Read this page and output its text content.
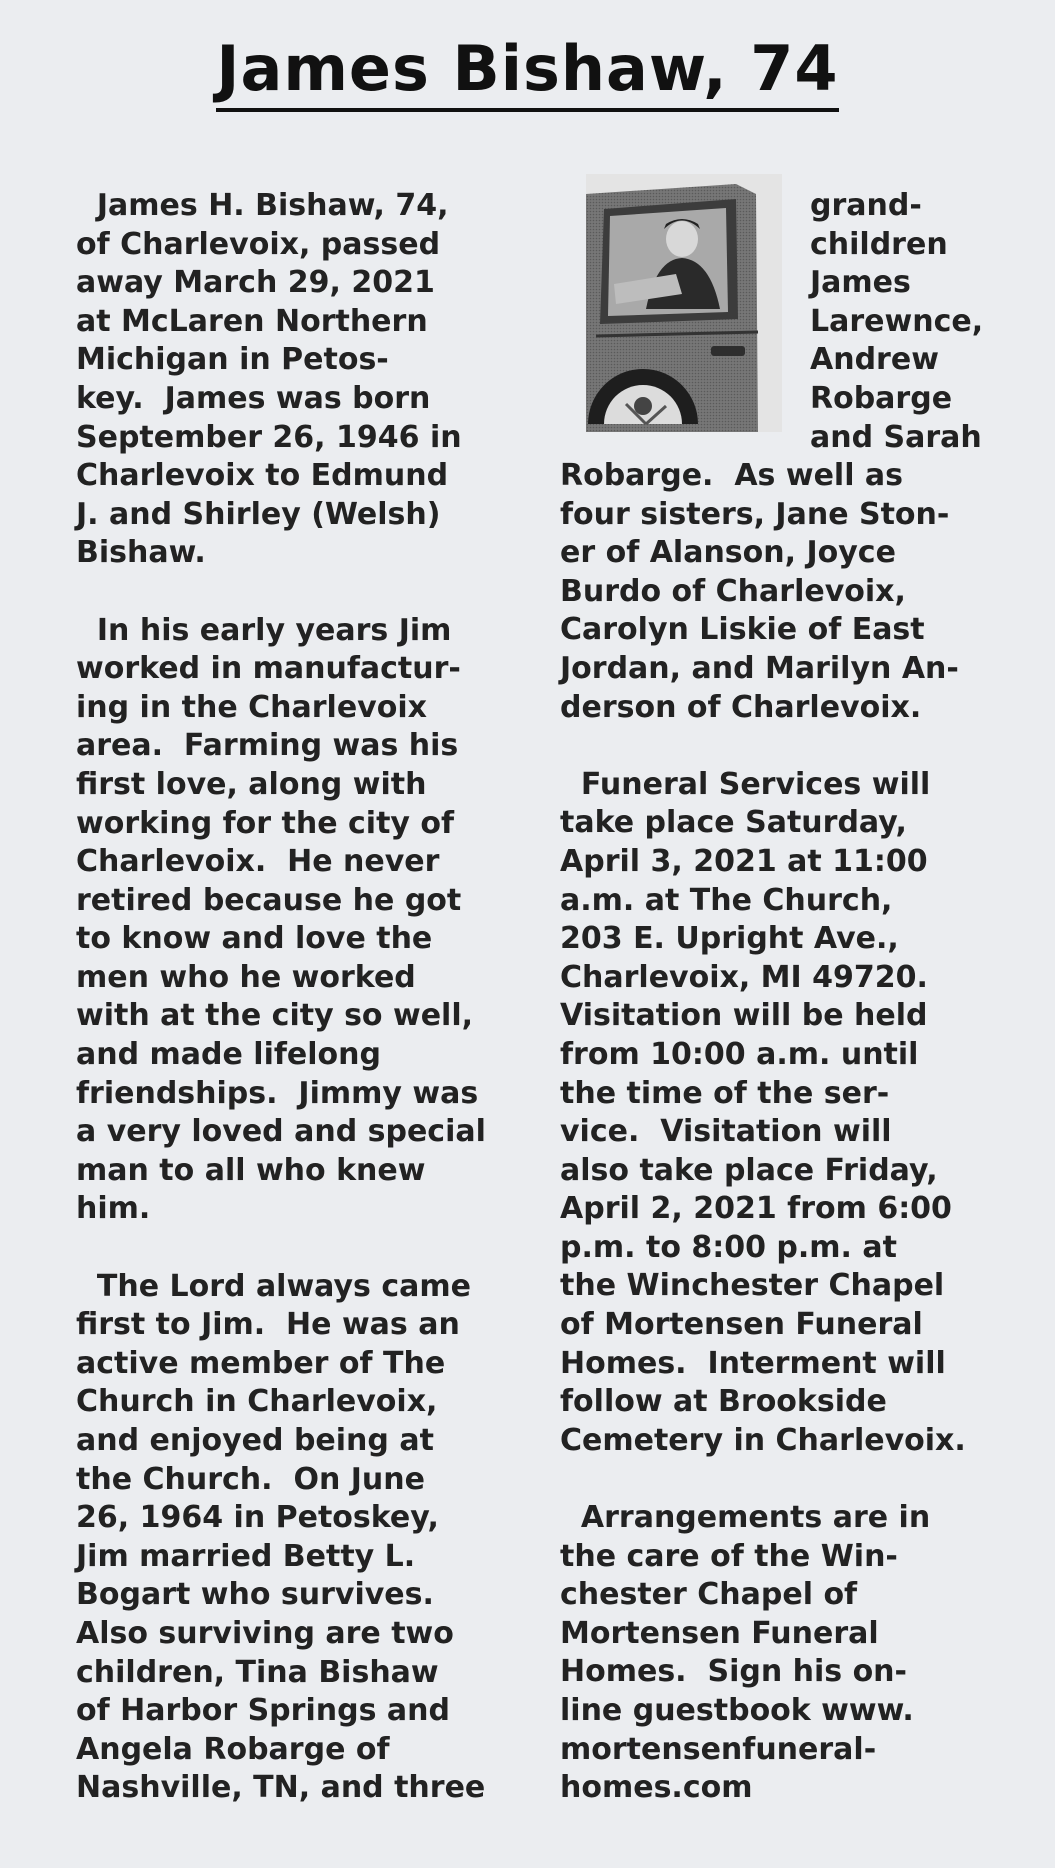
James Bishaw, 74
James H. Bishaw, 74,
of Charlevoix, passed
away March 29, 2021
at McLaren Northern
Michigan in Petos-
key.  James was born
September 26, 1946 in
Charlevoix to Edmund
J. and Shirley (Welsh)
Bishaw.

In his early years Jim
worked in manufactur-
ing in the Charlevoix
area.  Farming was his
first love, along with
working for the city of
Charlevoix.  He never
retired because he got
to know and love the
men who he worked
with at the city so well,
and made lifelong
friendships.  Jimmy was
a very loved and special
man to all who knew
him.

The Lord always came
first to Jim.  He was an
active member of The
Church in Charlevoix,
and enjoyed being at
the Church.  On June
26, 1964 in Petoskey,
Jim married Betty L.
Bogart who survives.
Also surviving are two
children, Tina Bishaw
of Harbor Springs and
Angela Robarge of
Nashville, TN, and three
grand-
children
James
Larewnce,
Andrew
Robarge
and Sarah
Robarge.  As well as
four sisters, Jane Ston-
er of Alanson, Joyce
Burdo of Charlevoix,
Carolyn Liskie of East
Jordan, and Marilyn An-
derson of Charlevoix.

Funeral Services will
take place Saturday,
April 3, 2021 at 11:00
a.m. at The Church,
203 E. Upright Ave.,
Charlevoix, MI 49720.
Visitation will be held
from 10:00 a.m. until
the time of the ser-
vice.  Visitation will
also take place Friday,
April 2, 2021 from 6:00
p.m. to 8:00 p.m. at
the Winchester Chapel
of Mortensen Funeral
Homes.  Interment will
follow at Brookside
Cemetery in Charlevoix.

Arrangements are in
the care of the Win-
chester Chapel of
Mortensen Funeral
Homes.  Sign his on-
line guestbook www.
mortensenfuneral-
homes.com
